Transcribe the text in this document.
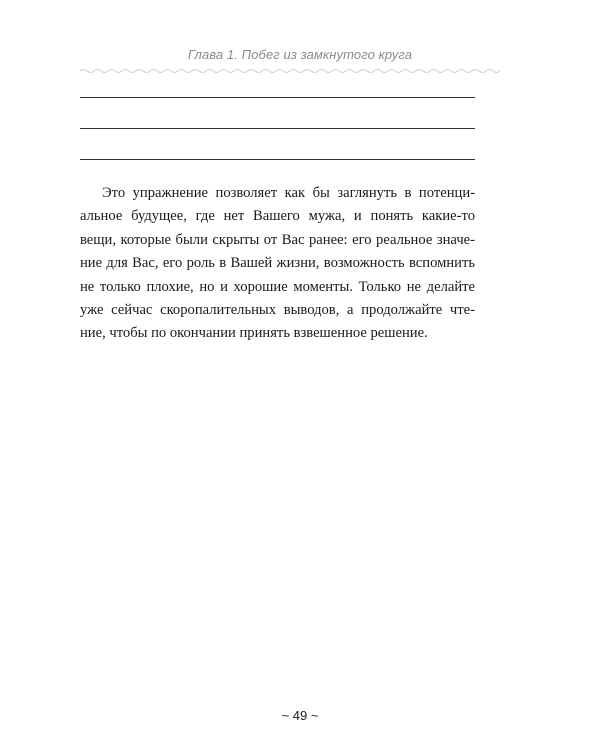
Глава 1. Побег из замкнутого круга

Это упражнение позволяет как бы заглянуть в потенци-
альное будущее, где нет Вашего мужа, и понять какие-то
вещи, которые были скрыты от Вас ранее: его реальное значе-
ние для Вас, его роль в Вашей жизни, возможность вспомнить
не только плохие, но и хорошие моменты. Только не делайте
уже сейчас скоропалительных выводов, а продолжайте чте-
ние, чтобы по окончании принять взвешенное решение.

~ 49 ~
